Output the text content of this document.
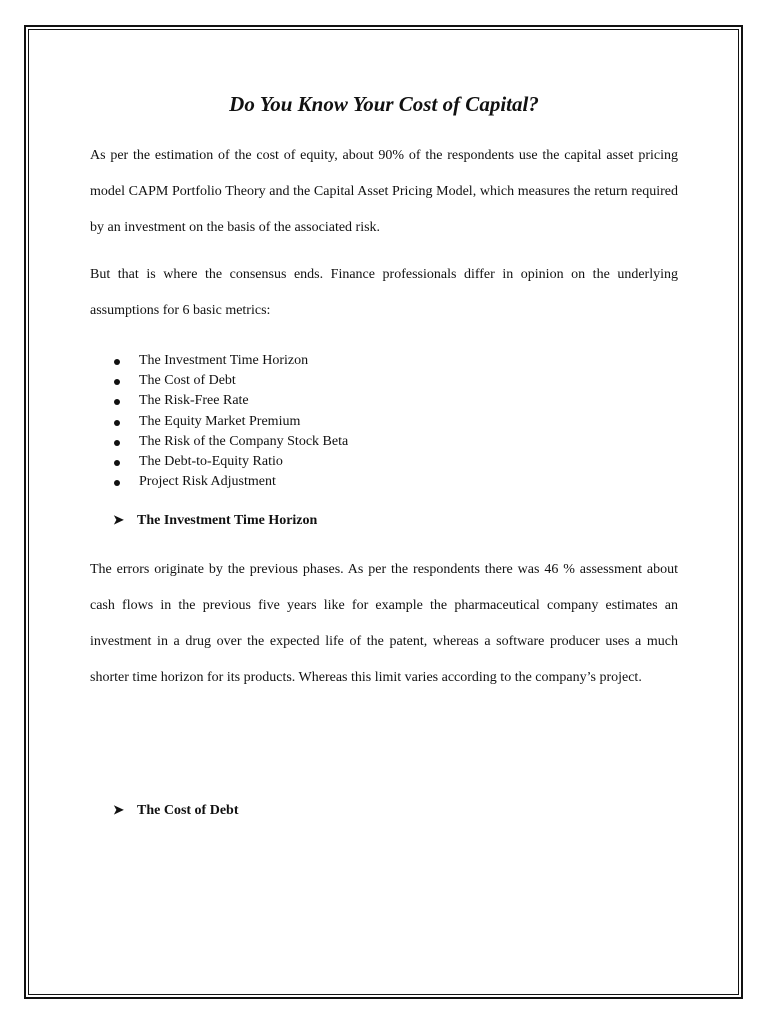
Do You Know Your Cost of Capital?

As per the estimation of the cost of equity, about 90% of the respondents use the capital asset pricing model CAPM Portfolio Theory and the Capital Asset Pricing Model, which measures the return required by an investment on the basis of the associated risk.

But that is where the consensus ends. Finance professionals differ in opinion on the underlying assumptions for 6 basic metrics:

The Investment Time Horizon
The Cost of Debt
The Risk-Free Rate
The Equity Market Premium
The Risk of the Company Stock Beta
The Debt-to-Equity Ratio
Project Risk Adjustment
➤ The Investment Time Horizon

The errors originate by the previous phases. As per the respondents there was 46 % assessment about cash flows in the previous five years like for example the pharmaceutical company estimates an investment in a drug over the expected life of the patent, whereas a software producer uses a much shorter time horizon for its products. Whereas this limit varies according to the company’s project.

➤ The Cost of Debt
